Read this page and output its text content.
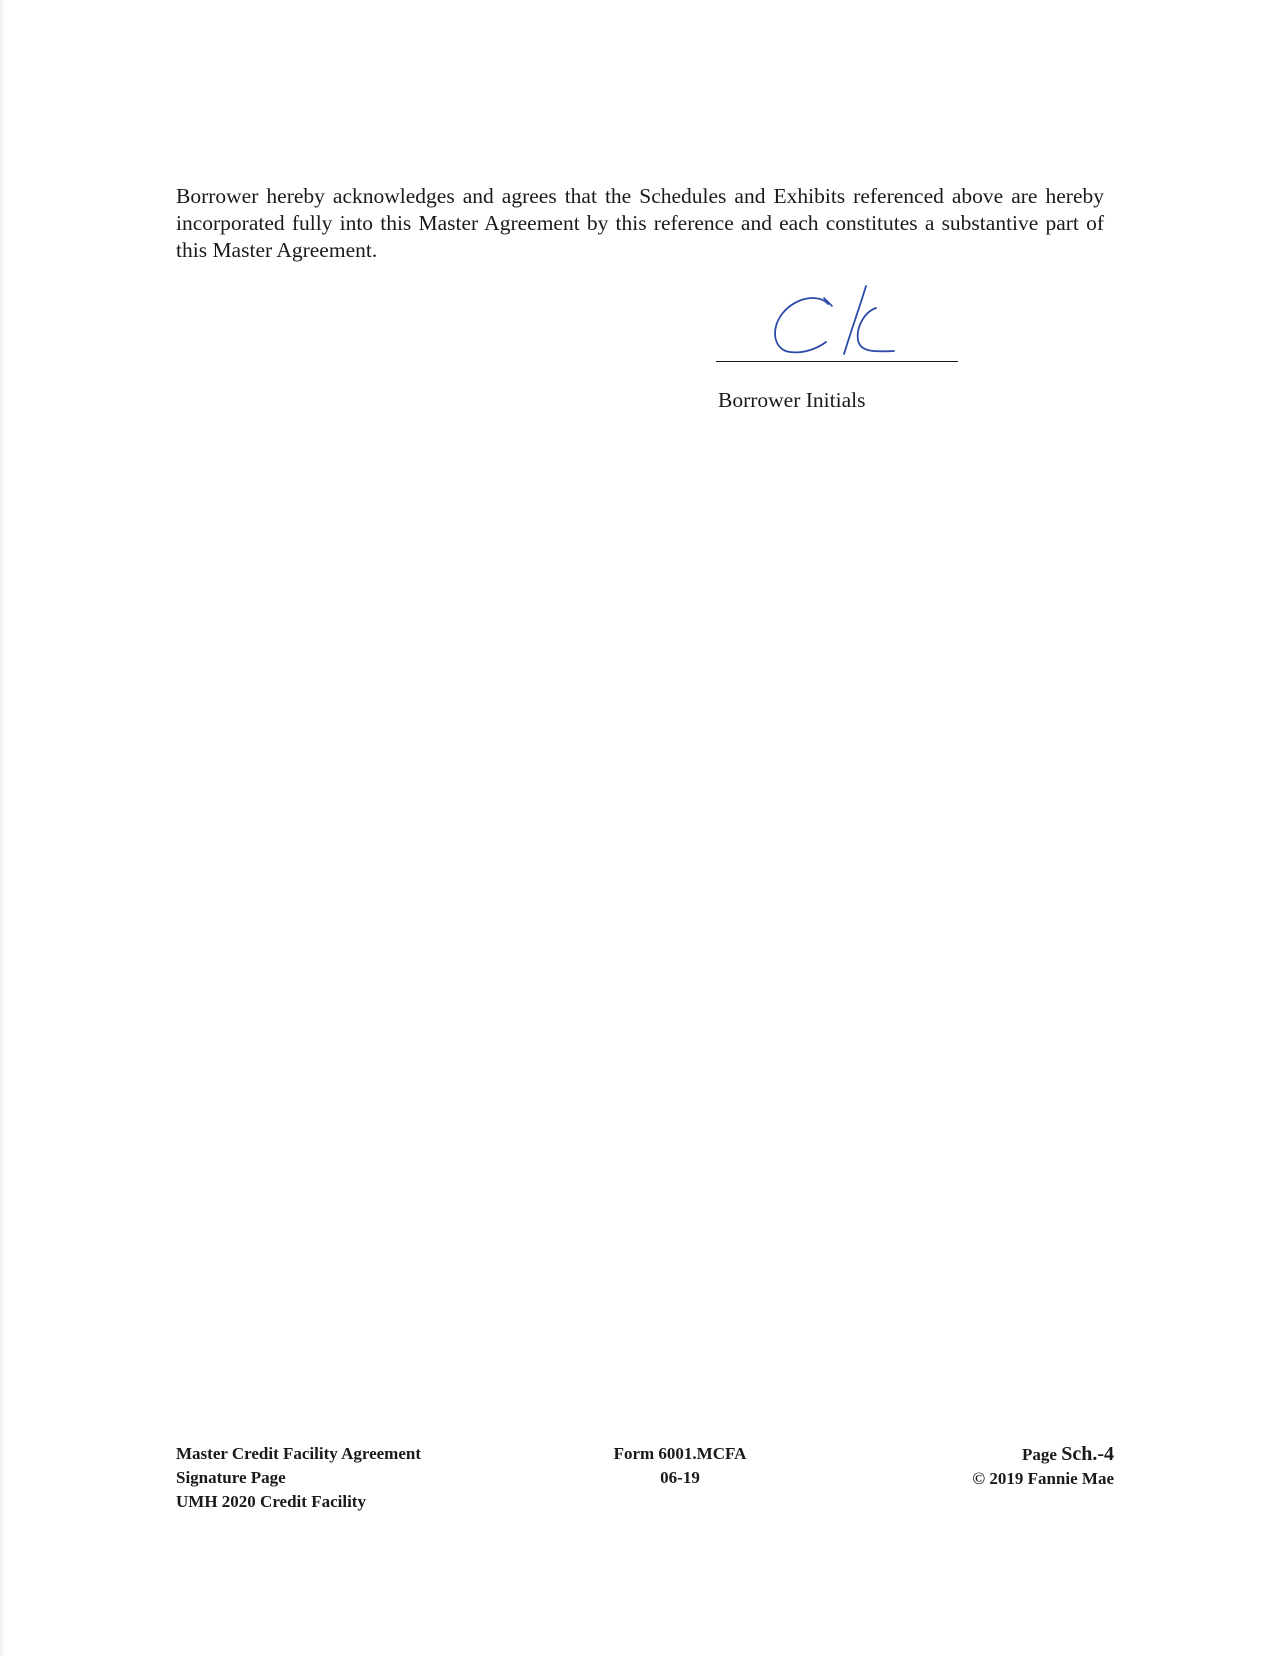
Borrower hereby acknowledges and agrees that the Schedules and Exhibits referenced above are hereby incorporated fully into this Master Agreement by this reference and each constitutes a substantive part of this Master Agreement.

Borrower Initials
Master Credit Facility Agreement
Signature Page
UMH 2020 Credit Facility
Form 6001.MCFA
06-19
Page Sch.-4
© 2019 Fannie Mae
